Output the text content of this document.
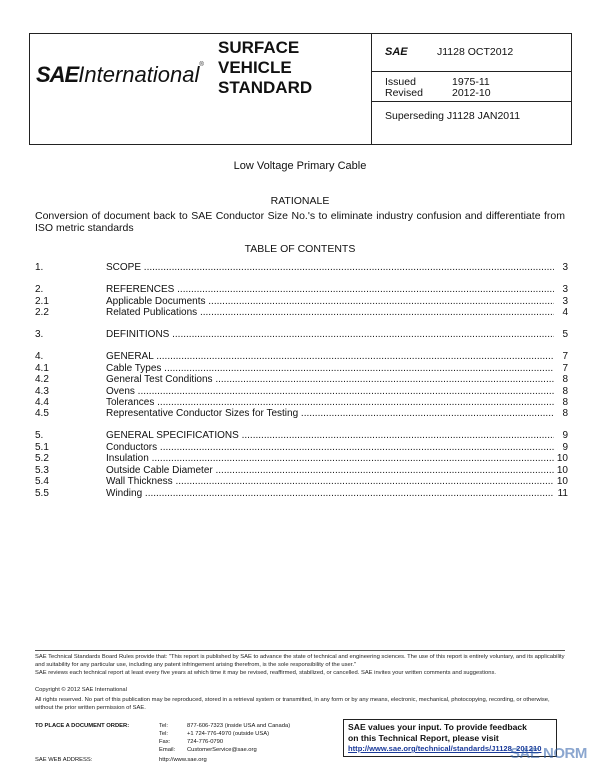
SAEInternational®
SURFACE
VEHICLE
STANDARD
SAE	J1128 OCT2012
Issued	1975-11
Revised	2012-10
Superseding J1128 JAN2011
Low Voltage Primary Cable
RATIONALE
Conversion of document back to SAE Conductor Size No.'s to eliminate industry confusion and differentiate from ISO metric standards
TABLE OF CONTENTS
1.	SCOPE .....	3
2.	REFERENCES .....	3
2.1	Applicable Documents .....	3
2.2	Related Publications .....	4
3.	DEFINITIONS .....	5
4.	GENERAL .....	7
4.1	Cable Types .....	7
4.2	General Test Conditions .....	8
4.3	Ovens .....	8
4.4	Tolerances .....	8
4.5	Representative Conductor Sizes for Testing .....	8
5.	GENERAL SPECIFICATIONS .....	9
5.1	Conductors .....	9
5.2	Insulation .....	10
5.3	Outside Cable Diameter .....	10
5.4	Wall Thickness .....	10
5.5	Winding .....	11
SAE Technical Standards Board Rules provide that: "This report is published by SAE to advance the state of technical and engineering sciences. The use of this report is entirely voluntary, and its applicability and suitability for any particular use, including any patent infringement arising therefrom, is the sole responsibility of the user."
SAE reviews each technical report at least every five years at which time it may be revised, reaffirmed, stabilized, or cancelled. SAE invites your written comments and suggestions.
Copyright © 2012 SAE International
All rights reserved. No part of this publication may be reproduced, stored in a retrieval system or transmitted, in any form or by any means, electronic, mechanical, photocopying, recording, or otherwise, without the prior written permission of SAE.
TO PLACE A DOCUMENT ORDER:	Tel:	877-606-7323 (inside USA and Canada)
Tel:	+1 724-776-4970 (outside USA)
Fax:	724-776-0790
Email: CustomerService@sae.org
SAE WEB ADDRESS:	http://www.sae.org
SAE values your input. To provide feedback
on this Technical Report, please visit
http://www.sae.org/technical/standards/J1128_201210
SAE NORM
